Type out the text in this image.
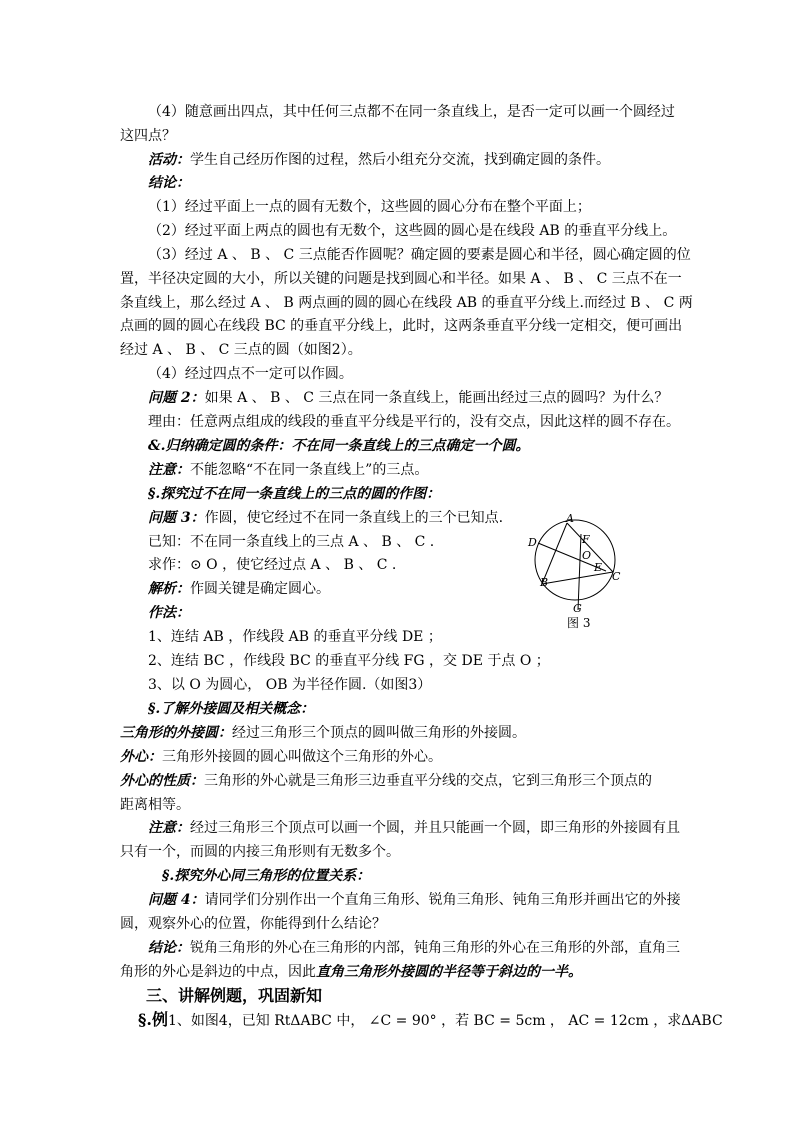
（4）随意画出四点，其中任何三点都不在同一条直线上，是否一定可以画一个圆经过
这四点？
活动：学生自己经历作图的过程，然后小组充分交流，找到确定圆的条件。
结论：
（1）经过平面上一点的圆有无数个，这些圆的圆心分布在整个平面上；
（2）经过平面上两点的圆也有无数个，这些圆的圆心是在线段 AB 的垂直平分线上。
（3）经过 A 、 B 、 C 三点能否作圆呢？确定圆的要素是圆心和半径，圆心确定圆的位
置，半径决定圆的大小，所以关键的问题是找到圆心和半径。如果 A 、 B 、 C 三点不在一
条直线上，那么经过 A 、 B 两点画的圆的圆心在线段 AB 的垂直平分线上.而经过 B 、 C 两
点画的圆的圆心在线段 BC 的垂直平分线上，此时，这两条垂直平分线一定相交，便可画出
经过 A 、 B 、 C 三点的圆（如图2）。
（4）经过四点不一定可以作圆。
问题 2：如果 A 、 B 、 C 三点在同一条直线上，能画出经过三点的圆吗？为什么？
理由：任意两点组成的线段的垂直平分线是平行的，没有交点，因此这样的圆不存在。
&.归纳确定圆的条件：不在同一条直线上的三点确定一个圆。
注意：不能忽略“不在同一条直线上”的三点。
§.探究过不在同一条直线上的三点的圆的作图：
问题 3：作圆，使它经过不在同一条直线上的三个已知点.
已知：不在同一条直线上的三点 A 、 B 、 C .
求作：⊙ O ，使它经过点 A 、 B 、 C .
解析：作圆关键是确定圆心。
作法：
1、连结 AB ，作线段 AB 的垂直平分线 DE ；
2、连结 BC ，作线段 BC 的垂直平分线 FG ，交 DE 于点 O ；
3、以 O 为圆心， OB 为半径作圆.（如图3）
A
B	C
D
E
F
G
O
图 3
§.了解外接圆及相关概念：
三角形的外接圆：经过三角形三个顶点的圆叫做三角形的外接圆。
外心：三角形外接圆的圆心叫做这个三角形的外心。
外心的性质：三角形的外心就是三角形三边垂直平分线的交点，它到三角形三个顶点的
距离相等。
注意：经过三角形三个顶点可以画一个圆，并且只能画一个圆，即三角形的外接圆有且
只有一个，而圆的内接三角形则有无数多个。
§.探究外心同三角形的位置关系：
问题 4：请同学们分别作出一个直角三角形、锐角三角形、钝角三角形并画出它的外接
圆，观察外心的位置，你能得到什么结论？
结论：锐角三角形的外心在三角形的内部，钝角三角形的外心在三角形的外部，直角三
角形的外心是斜边的中点，因此直角三角形外接圆的半径等于斜边的一半。
三、讲解例题，巩固新知
§.例1、如图4，已知 RtΔABC 中， ∠C = 90° ，若 BC = 5cm ， AC = 12cm ，求ΔABC
